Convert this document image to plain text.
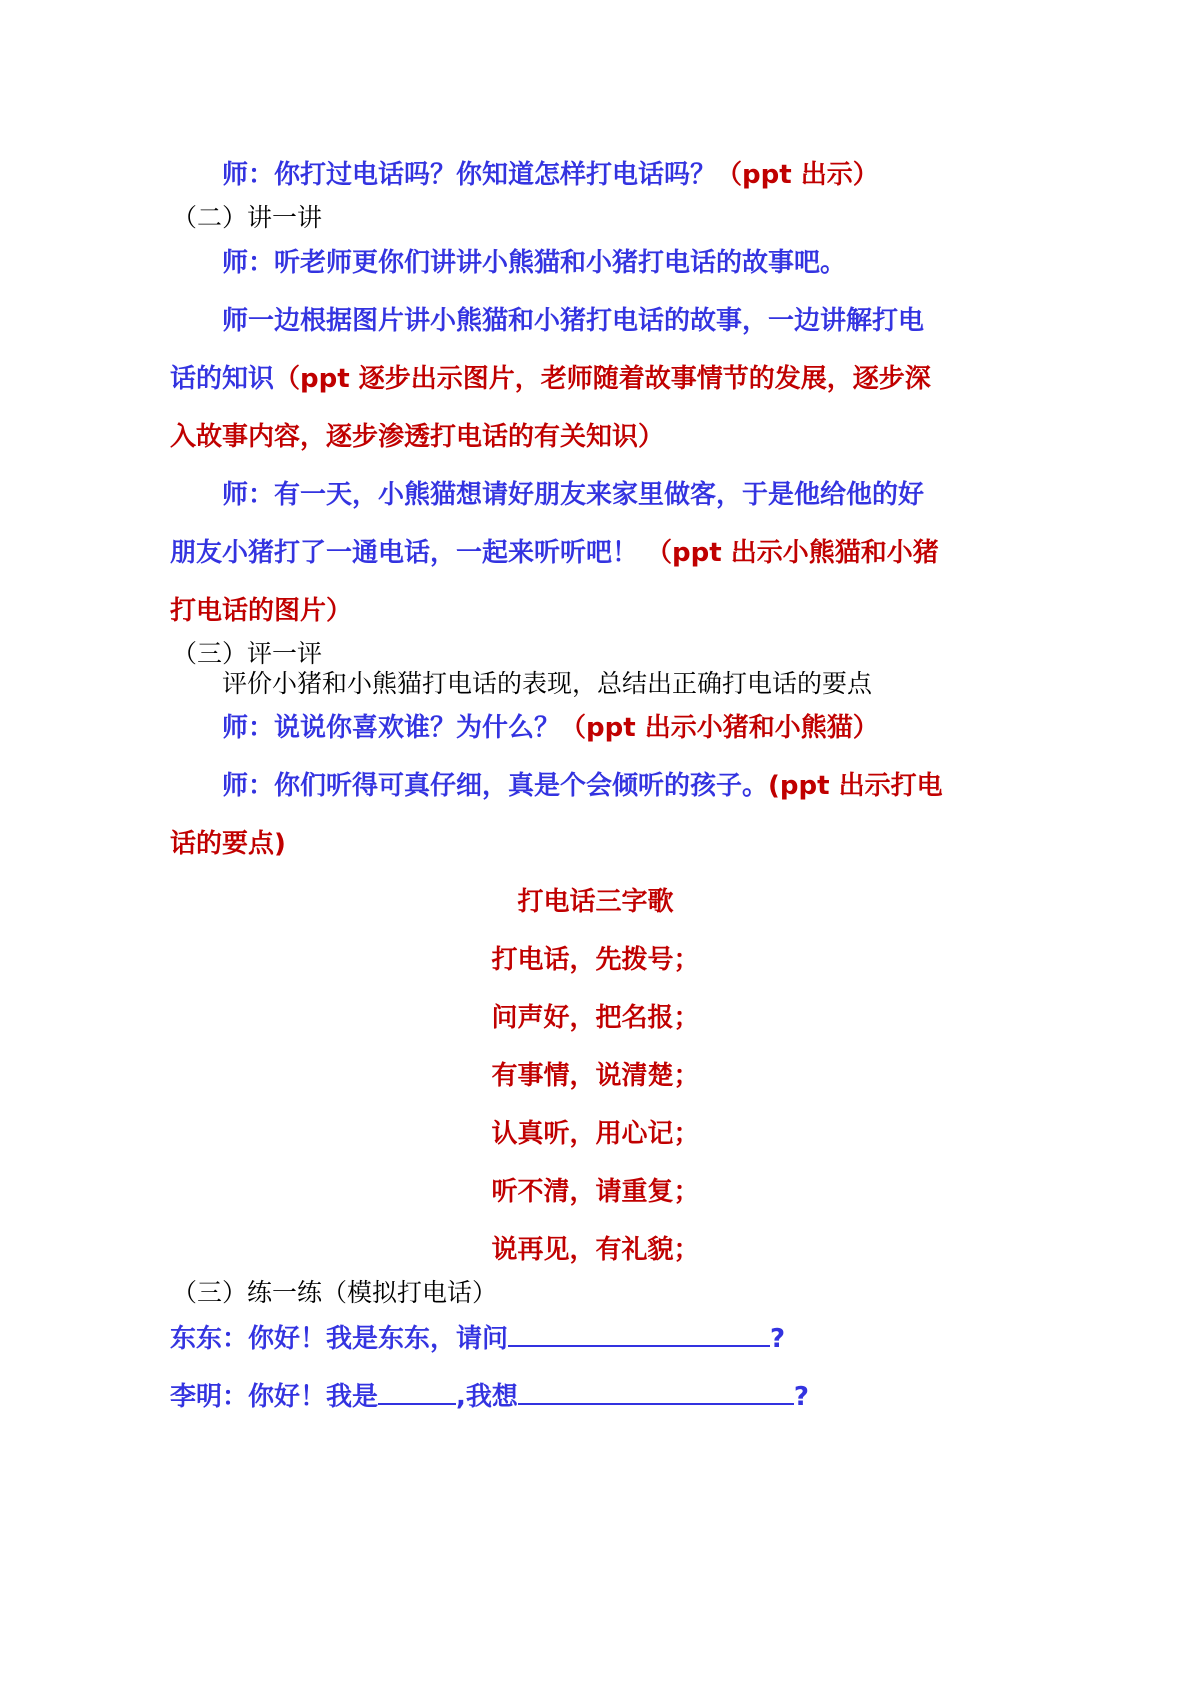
师：你打过电话吗？你知道怎样打电话吗？（ppt 出示）
（二）讲一讲
师：听老师更你们讲讲小熊猫和小猪打电话的故事吧。
师一边根据图片讲小熊猫和小猪打电话的故事，一边讲解打电
话的知识（ppt 逐步出示图片，老师随着故事情节的发展，逐步深
入故事内容，逐步渗透打电话的有关知识）
师：有一天，小熊猫想请好朋友来家里做客，于是他给他的好
朋友小猪打了一通电话，一起来听听吧！ （ppt 出示小熊猫和小猪
打电话的图片）
（三）评一评
评价小猪和小熊猫打电话的表现，总结出正确打电话的要点
师：说说你喜欢谁？为什么？（ppt 出示小猪和小熊猫）
师：你们听得可真仔细，真是个会倾听的孩子。(ppt 出示打电
话的要点)
打电话三字歌
打电话，先拨号；
问声好，把名报；
有事情，说清楚；
认真听，用心记；
听不清，请重复；
说再见，有礼貌；
（三）练一练（模拟打电话）
东东：你好！我是东东，请问	?
李明：你好！我是	,我想	?
